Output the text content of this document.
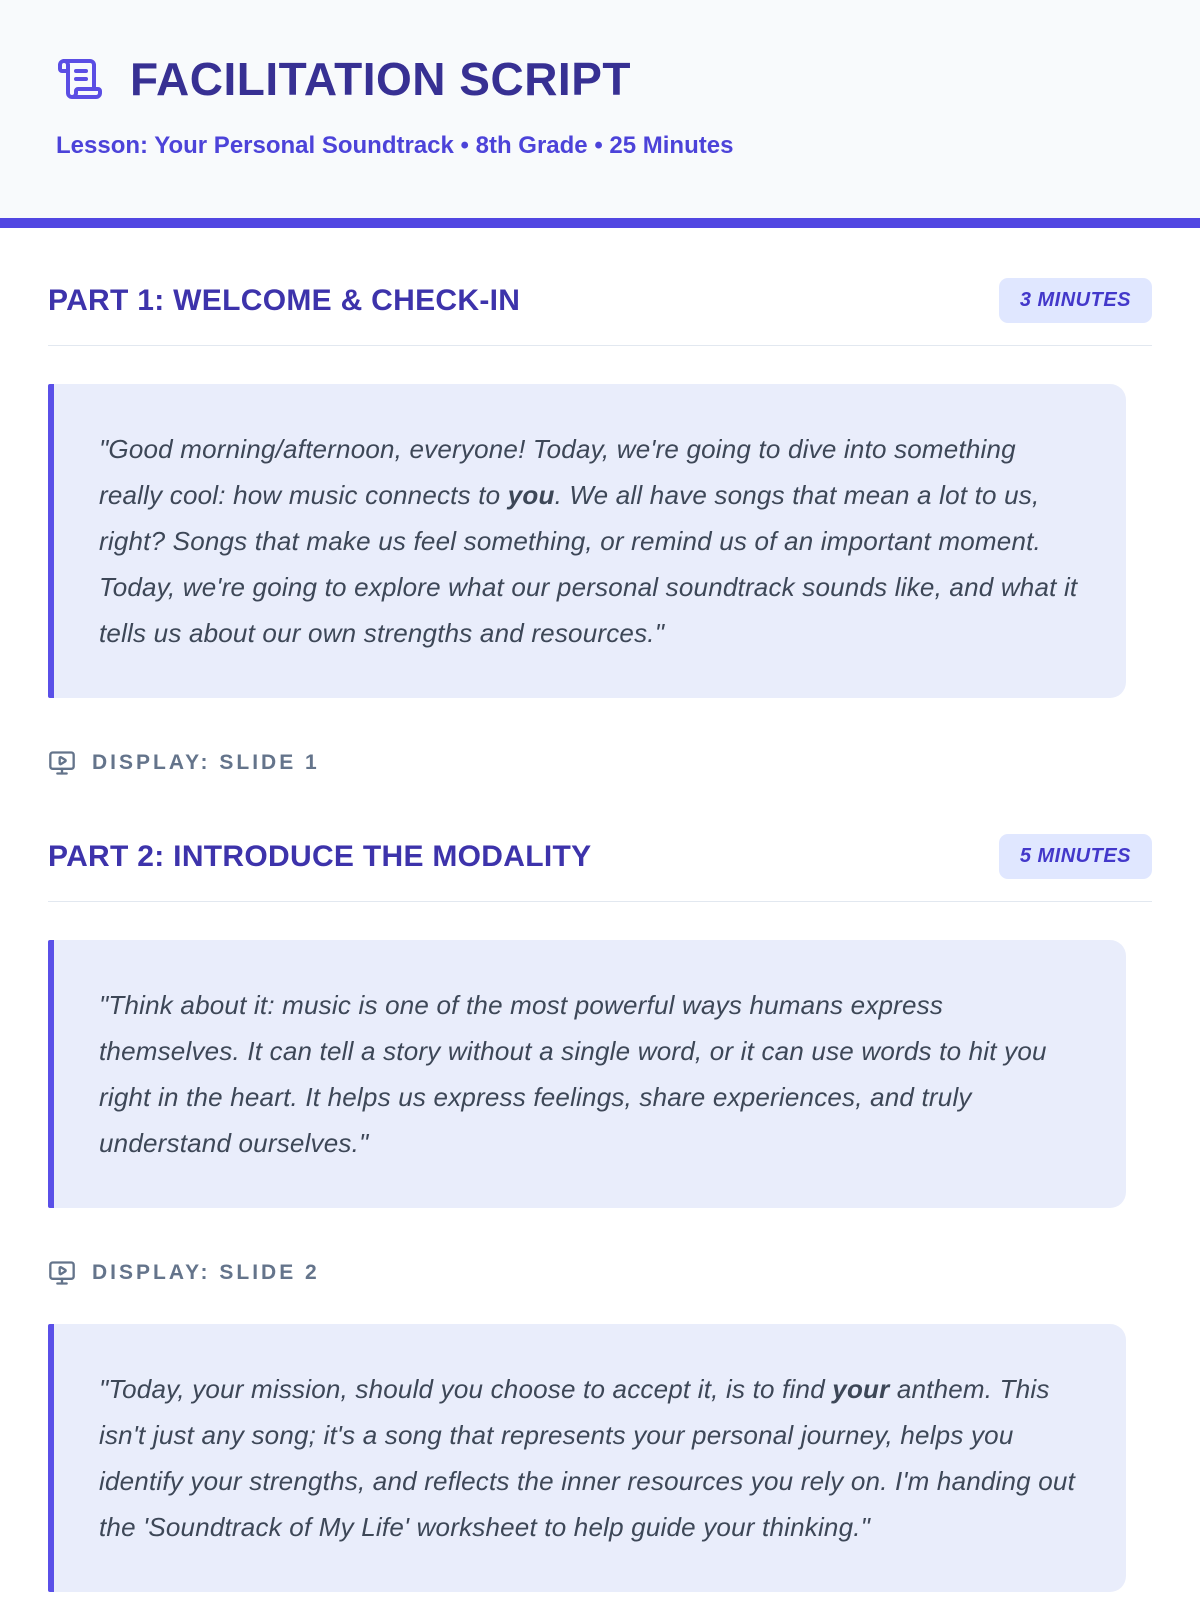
FACILITATION SCRIPT
Lesson: Your Personal Soundtrack • 8th Grade • 25 Minutes
PART 1: WELCOME & CHECK-IN	3 MINUTES

"Good morning/afternoon, everyone! Today, we're going to dive into something really cool: how music connects to you. We all have songs that mean a lot to us, right? Songs that make us feel something, or remind us of an important moment. Today, we're going to explore what our personal soundtrack sounds like, and what it tells us about our own strengths and resources."

DISPLAY: SLIDE 1
PART 2: INTRODUCE THE MODALITY	5 MINUTES

"Think about it: music is one of the most powerful ways humans express themselves. It can tell a story without a single word, or it can use words to hit you right in the heart. It helps us express feelings, share experiences, and truly understand ourselves."

DISPLAY: SLIDE 2

"Today, your mission, should you choose to accept it, is to find your anthem. This isn't just any song; it's a song that represents your personal journey, helps you identify your strengths, and reflects the inner resources you rely on. I'm handing out the 'Soundtrack of My Life' worksheet to help guide your thinking."
